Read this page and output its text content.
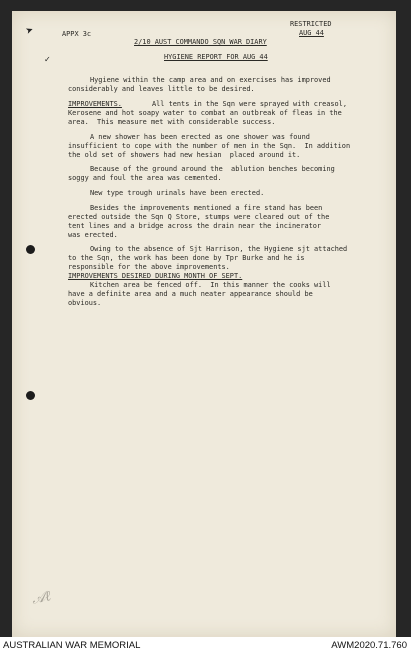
➤
✓
𝒜ℓ
APPX 3c
RESTRICTED
AUG 44
2/10 AUST COMMANDO SQN WAR DIARY
HYGIENE REPORT FOR AUG 44
Hygiene within the camp area and on exercises has improved
considerably and leaves little to be desired.
IMPROVEMENTS.	All tents in the Sqn were sprayed with creasol,
Kerosene and hot soapy water to combat an outbreak of fleas in the
area.  This measure met with considerable success.
A new shower has been erected as one shower was found
insufficient to cope with the number of men in the Sqn.  In addition
the old set of showers had new hesian  placed around it.
Because of the ground around the  ablution benches becoming
soggy and foul the area was cemented.
New type trough urinals have been erected.
Besides the improvements mentioned a fire stand has been
erected outside the Sqn Q Store, stumps were cleared out of the
tent lines and a bridge across the drain near the incinerator
was erected.
Owing to the absence of Sjt Harrison, the Hygiene sjt attached
to the Sqn, the work has been done by Tpr Burke and he is
responsible for the above improvements.
IMPROVEMENTS DESIRED DURING MONTH OF SEPT.
Kitchen area be fenced off.  In this manner the cooks will
have a definite area and a much neater appearance should be
obvious.
AUSTRALIAN WAR MEMORIAL	AWM2020.71.760
